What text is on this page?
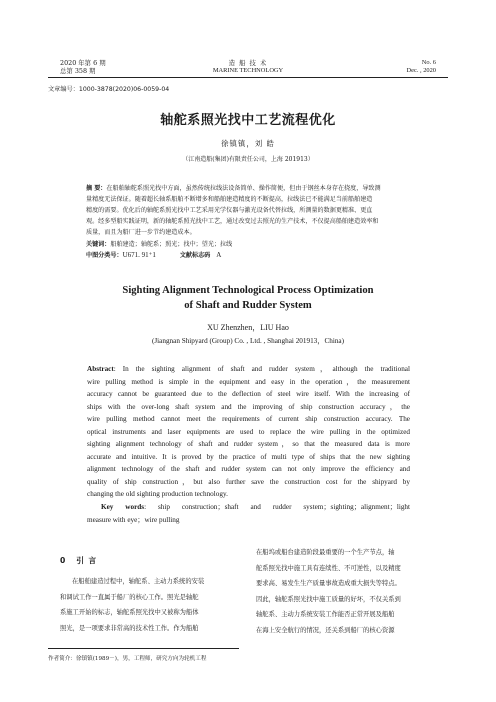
2020 年第 6 期
总第 358 期
造 船 技 术
MARINE TECHNOLOGY
No. 6
Dec. , 2020
文章编号：1000-3878(2020)06-0059-04
轴舵系照光找中工艺流程优化
徐镇镇，刘 皓
（江南造船(集团)有限责任公司，上海 201913）
摘 要：在船舶轴舵系照光找中方面，虽然传统拉线法设备简单、操作简便，但由于钢丝本身存在挠度，导致测
量精度无法保证。随着超长轴系船舶不断增多和船舶建造精度的不断提高，拉线法已不能满足当前船舶建造
精度的需要。优化后的轴舵系照光找中工艺采用光学仪器与激光设备代替拉线，所测量的数据更精准、更直
观。经多型船实践证明，新的轴舵系照光找中工艺，通过改变过去照光的生产技术，不仅提高船舶建造效率和
质量，而且为船厂进一步节约建造成本。
关键词：船舶建造；轴舵系；照光；找中；望光；拉线
中图分类号：U671. 91⁺1	文献标志码 A
Sighting Alignment Technological Process Optimization
of Shaft and Rudder System
XU Zhenzhen，LIU Hao
(Jiangnan Shipyard (Group) Co. , Ltd. , Shanghai 201913，China)
Abstract: In the sighting alignment of shaft and rudder system，although the traditional
wire pulling method is simple in the equipment and easy in the operation，the measurement
accuracy cannot be guaranteed due to the deflection of steel wire itself. With the increasing of
ships with the over-long shaft system and the improving of ship construction accuracy，the
wire pulling method cannot meet the requirements of current ship construction accuracy. The
optical instruments and laser equipments are used to replace the wire pulling in the optimized
sighting alignment technology of shaft and rudder system，so that the measured data is more
accurate and intuitive. It is proved by the practice of multi type of ships that the new sighting
alignment technology of the shaft and rudder system can not only improve the efficiency and
quality of ship construction，but also further save the construction cost for the shipyard by
changing the old sighting production technology.
Key words: ship construction；shaft and rudder system；sighting；alignment；light
measure with eye；wire pulling
0 引 言
在船舶建造过程中，轴舵系、主动力系统的安装
和调试工作一直属于船厂的核心工作。照光是轴舵
系施工开始的标志，轴舵系照光找中又被称为船体
照光，是一项要求非常高的技术性工作。作为船舶
在船坞或船台建造阶段最重要的一个生产节点，轴
舵系照光找中施工具有连续性、不可逆性，以及精度
要求高、易发生生产质量事故造成重大损失等特点。
因此，轴舵系照光找中施工质量的好坏，不仅关系到
轴舵系、主动力系统安装工作能否正常开展及船舶
在海上安全航行的情况，还关系到船厂的核心资源
作者简介：徐镇镇(1989－)，男，工程师，研究方向为轮机工程
